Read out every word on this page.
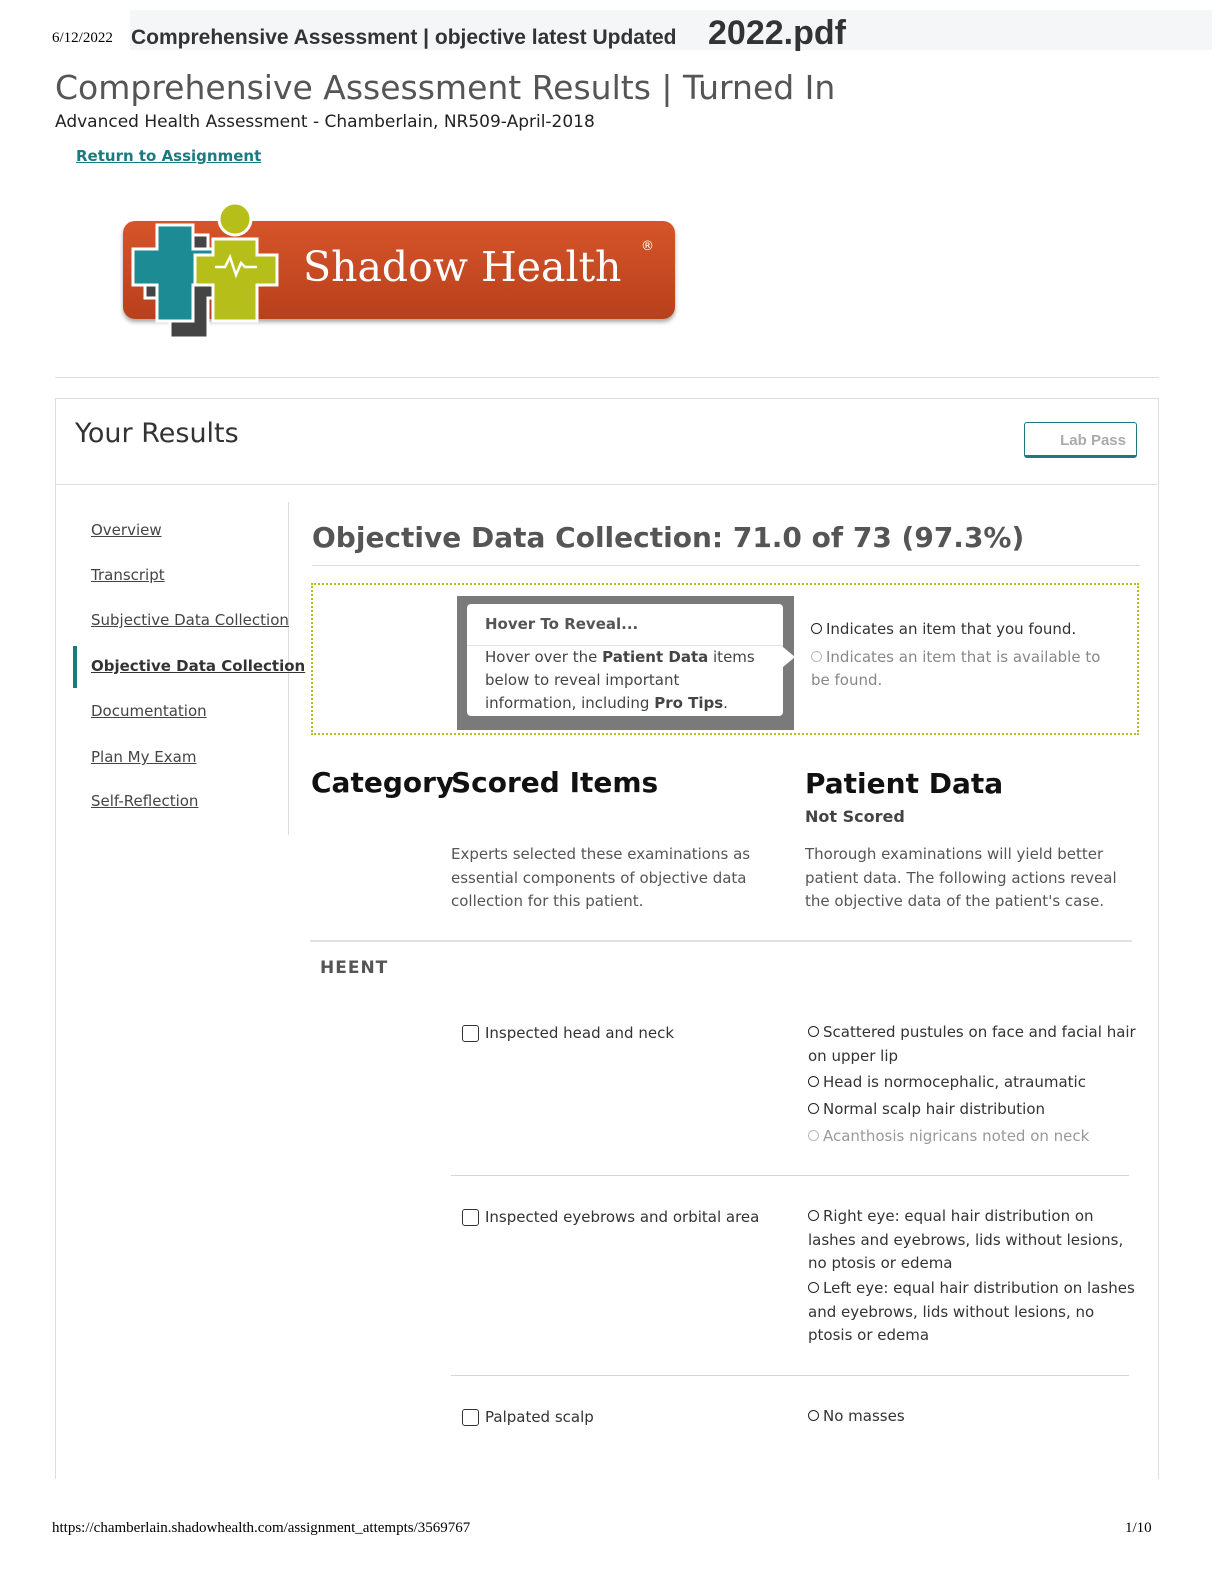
6/12/2022 Comprehensive Assessment | objective latest Updated 2022.pdf
Comprehensive Assessment Results | Turned In
Advanced Health Assessment - Chamberlain, NR509-April-2018
Return to Assignment
Shadow Health ®
Your Results	Lab Pass
Overview
Transcript
Subjective Data Collection
Objective Data Collection
Documentation
Plan My Exam
Self-Reflection
Objective Data Collection: 71.0 of 73 (97.3%)
Hover To Reveal...
Hover over the Patient Data items below to reveal important information, including Pro Tips.
Indicates an item that you found.
Indicates an item that is available to be found.
Category
Scored Items	Patient Data
Not Scored
Experts selected these examinations as essential components of objective data collection for this patient.
Thorough examinations will yield better patient data. The following actions reveal the objective data of the patient's case.
HEENT
Inspected head and neck	Scattered pustules on face and facial hair on upper lip
Head is normocephalic, atraumatic
Normal scalp hair distribution
Acanthosis nigricans noted on neck
Inspected eyebrows and orbital area	Right eye: equal hair distribution on lashes and eyebrows, lids without lesions, no ptosis or edema
Left eye: equal hair distribution on lashes and eyebrows, lids without lesions, no ptosis or edema
Palpated scalp	No masses
https://chamberlain.shadowhealth.com/assignment_attempts/3569767	1/10
